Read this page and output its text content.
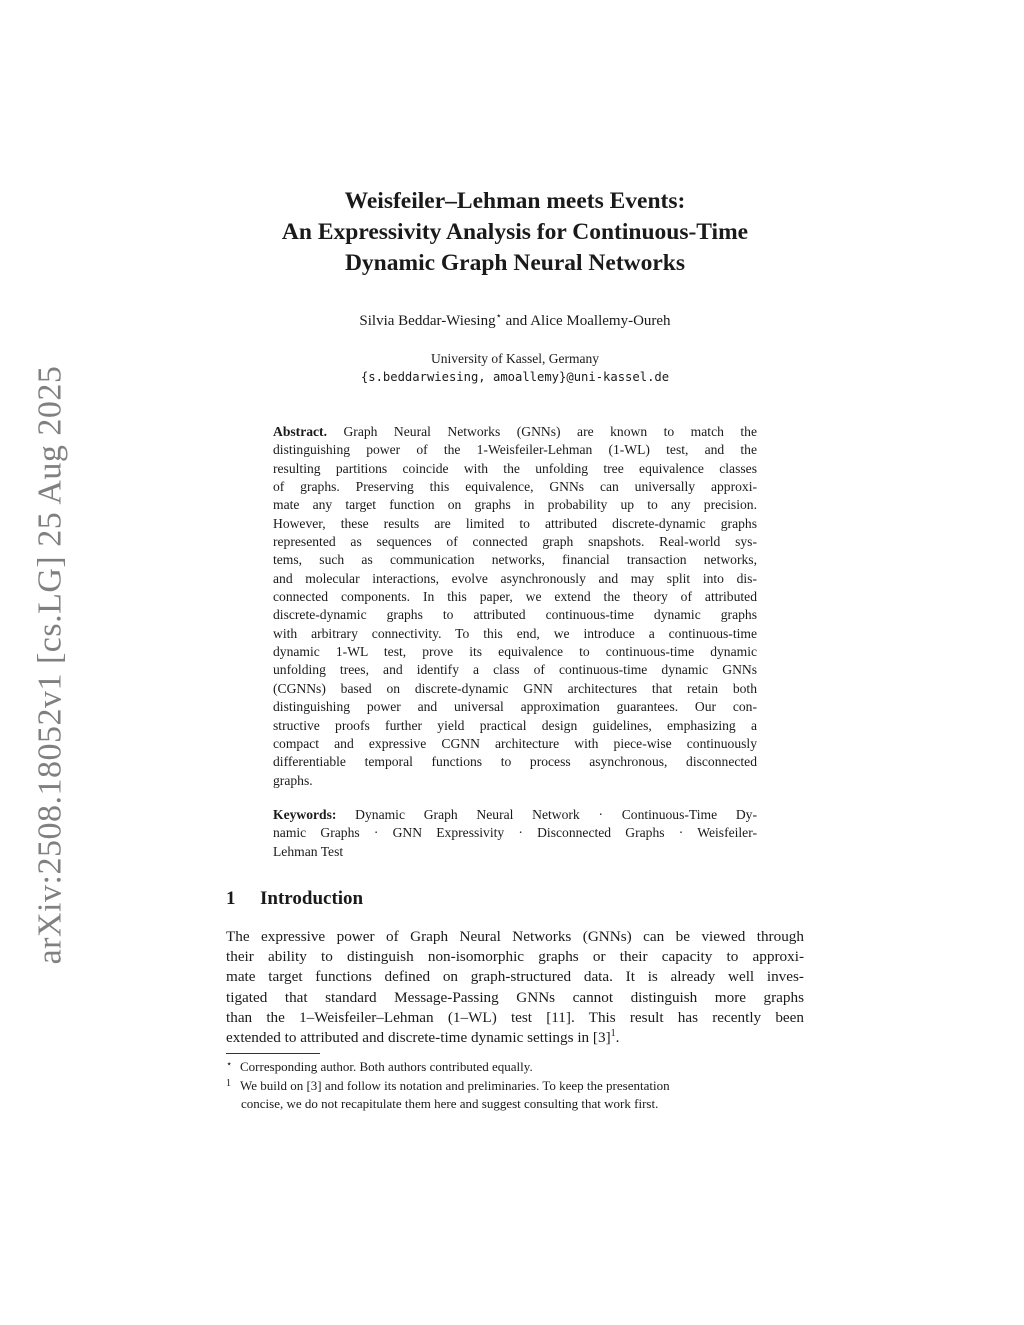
arXiv:2508.18052v1 [cs.LG] 25 Aug 2025
Weisfeiler–Lehman meets Events:
An Expressivity Analysis for Continuous-Time
Dynamic Graph Neural Networks
Silvia Beddar-Wiesing⋆ and Alice Moallemy-Oureh
University of Kassel, Germany
{s.beddarwiesing, amoallemy}@uni-kassel.de
Abstract. Graph Neural Networks (GNNs) are known to match the
distinguishing power of the 1-Weisfeiler-Lehman (1-WL) test, and the
resulting partitions coincide with the unfolding tree equivalence classes
of graphs. Preserving this equivalence, GNNs can universally approxi-
mate any target function on graphs in probability up to any precision.
However, these results are limited to attributed discrete-dynamic graphs
represented as sequences of connected graph snapshots. Real-world sys-
tems, such as communication networks, financial transaction networks,
and molecular interactions, evolve asynchronously and may split into dis-
connected components. In this paper, we extend the theory of attributed
discrete-dynamic graphs to attributed continuous-time dynamic graphs
with arbitrary connectivity. To this end, we introduce a continuous-time
dynamic 1-WL test, prove its equivalence to continuous-time dynamic
unfolding trees, and identify a class of continuous-time dynamic GNNs
(CGNNs) based on discrete-dynamic GNN architectures that retain both
distinguishing power and universal approximation guarantees. Our con-
structive proofs further yield practical design guidelines, emphasizing a
compact and expressive CGNN architecture with piece-wise continuously
differentiable temporal functions to process asynchronous, disconnected
graphs.
Keywords: Dynamic Graph Neural Network · Continuous-Time Dy-
namic Graphs · GNN Expressivity · Disconnected Graphs · Weisfeiler-
Lehman Test
1 Introduction
The expressive power of Graph Neural Networks (GNNs) can be viewed through
their ability to distinguish non-isomorphic graphs or their capacity to approxi-
mate target functions defined on graph-structured data. It is already well inves-
tigated that standard Message-Passing GNNs cannot distinguish more graphs
than the 1–Weisfeiler–Lehman (1–WL) test [11]. This result has recently been
extended to attributed and discrete-time dynamic settings in $[3]^1$.
⋆ Corresponding author. Both authors contributed equally.
1 We build on [3] and follow its notation and preliminaries. To keep the presentation
concise, we do not recapitulate them here and suggest consulting that work first.
